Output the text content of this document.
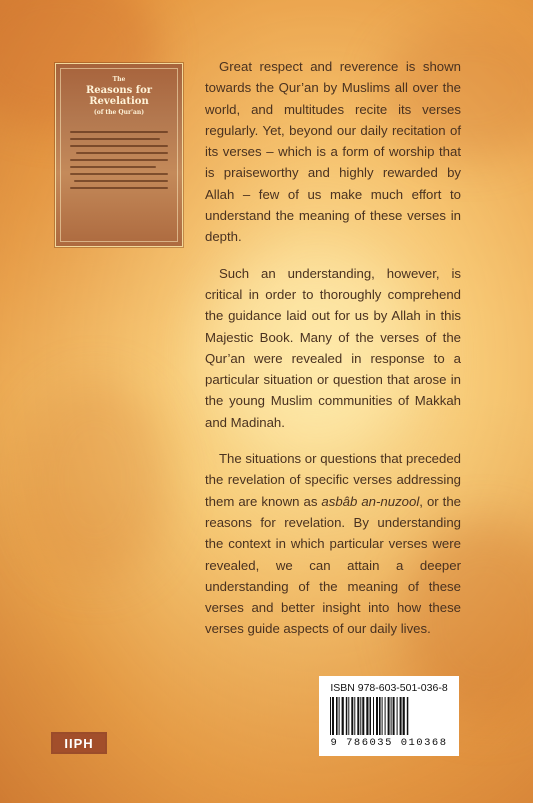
The
Reasons for Revelation
(of the Qur'an)

Great respect and reverence is shown towards the Qur’an by Muslims all over the world, and multitudes recite its verses regularly. Yet, beyond our daily recitation of its verses – which is a form of worship that is praiseworthy and highly rewarded by Allah – few of us make much effort to understand the meaning of these verses in depth.

Such an understanding, however, is critical in order to thoroughly comprehend the guidance laid out for us by Allah in this Majestic Book. Many of the verses of the Qur’an were revealed in response to a particular situation or question that arose in the young Muslim communities of Makkah and Madinah.

The situations or questions that preceded the revelation of specific verses addressing them are known as asbâb an-nuzool, or the reasons for revelation. By understanding the context in which particular verses were revealed, we can attain a deeper understanding of the meaning of these verses and better insight into how these verses guide aspects of our daily lives.

IIPH
ISBN 978-603-501-036-8
9 786035 010368
